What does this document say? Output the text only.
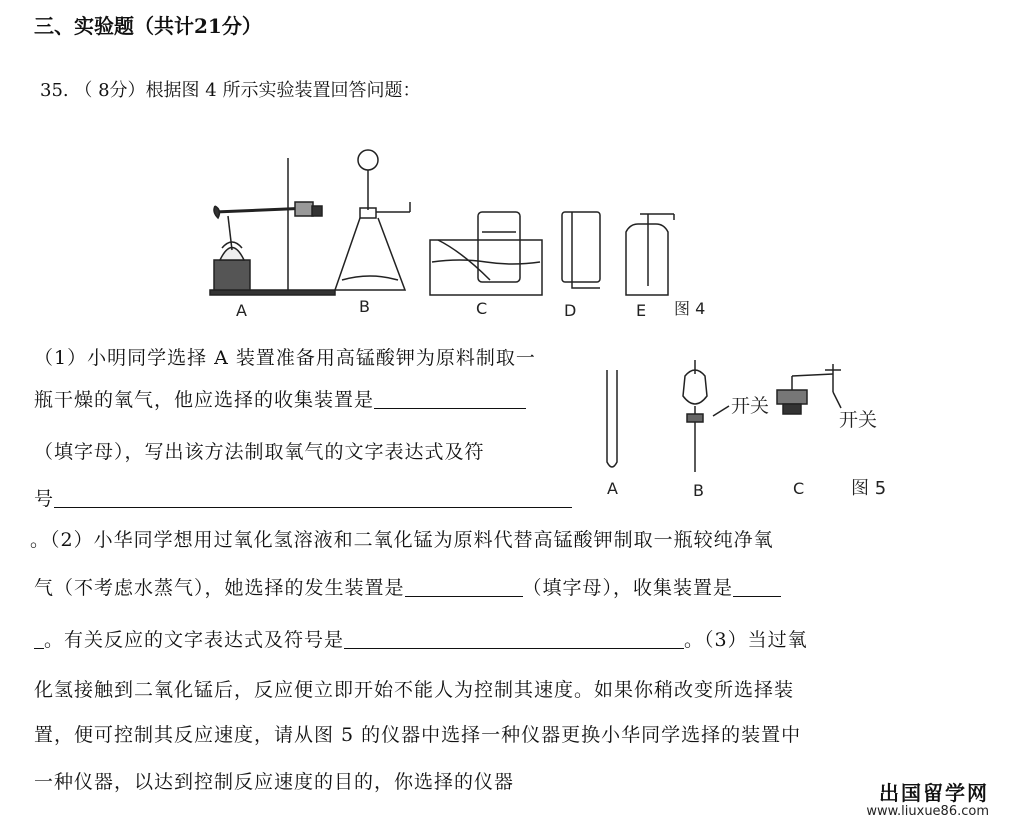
三、实验题（共计21分）
35. （ 8分）根据图 4 所示实验装置回答问题：
A	B	C	D	E 图 4
开关
开关
A	B	C	图 5
（1）小明同学选择 A 装置准备用高锰酸钾为原料制取一
瓶干燥的氧气，他应选择的收集装置是
（填字母），写出该方法制取氧气的文字表达式及符
号
。（2）小华同学想用过氧化氢溶液和二氧化锰为原料代替高锰酸钾制取一瓶较纯净氧
气（不考虑水蒸气），她选择的发生装置是	（填字母），收集装置是
。有关反应的文字表达式及符号是	。（3）当过氧
化氢接触到二氧化锰后，反应便立即开始不能人为控制其速度。如果你稍改变所选择装
置，便可控制其反应速度，请从图 5 的仪器中选择一种仪器更换小华同学选择的装置中
一种仪器，以达到控制反应速度的目的，你选择的仪器	出国留学网
www.liuxue86.com
